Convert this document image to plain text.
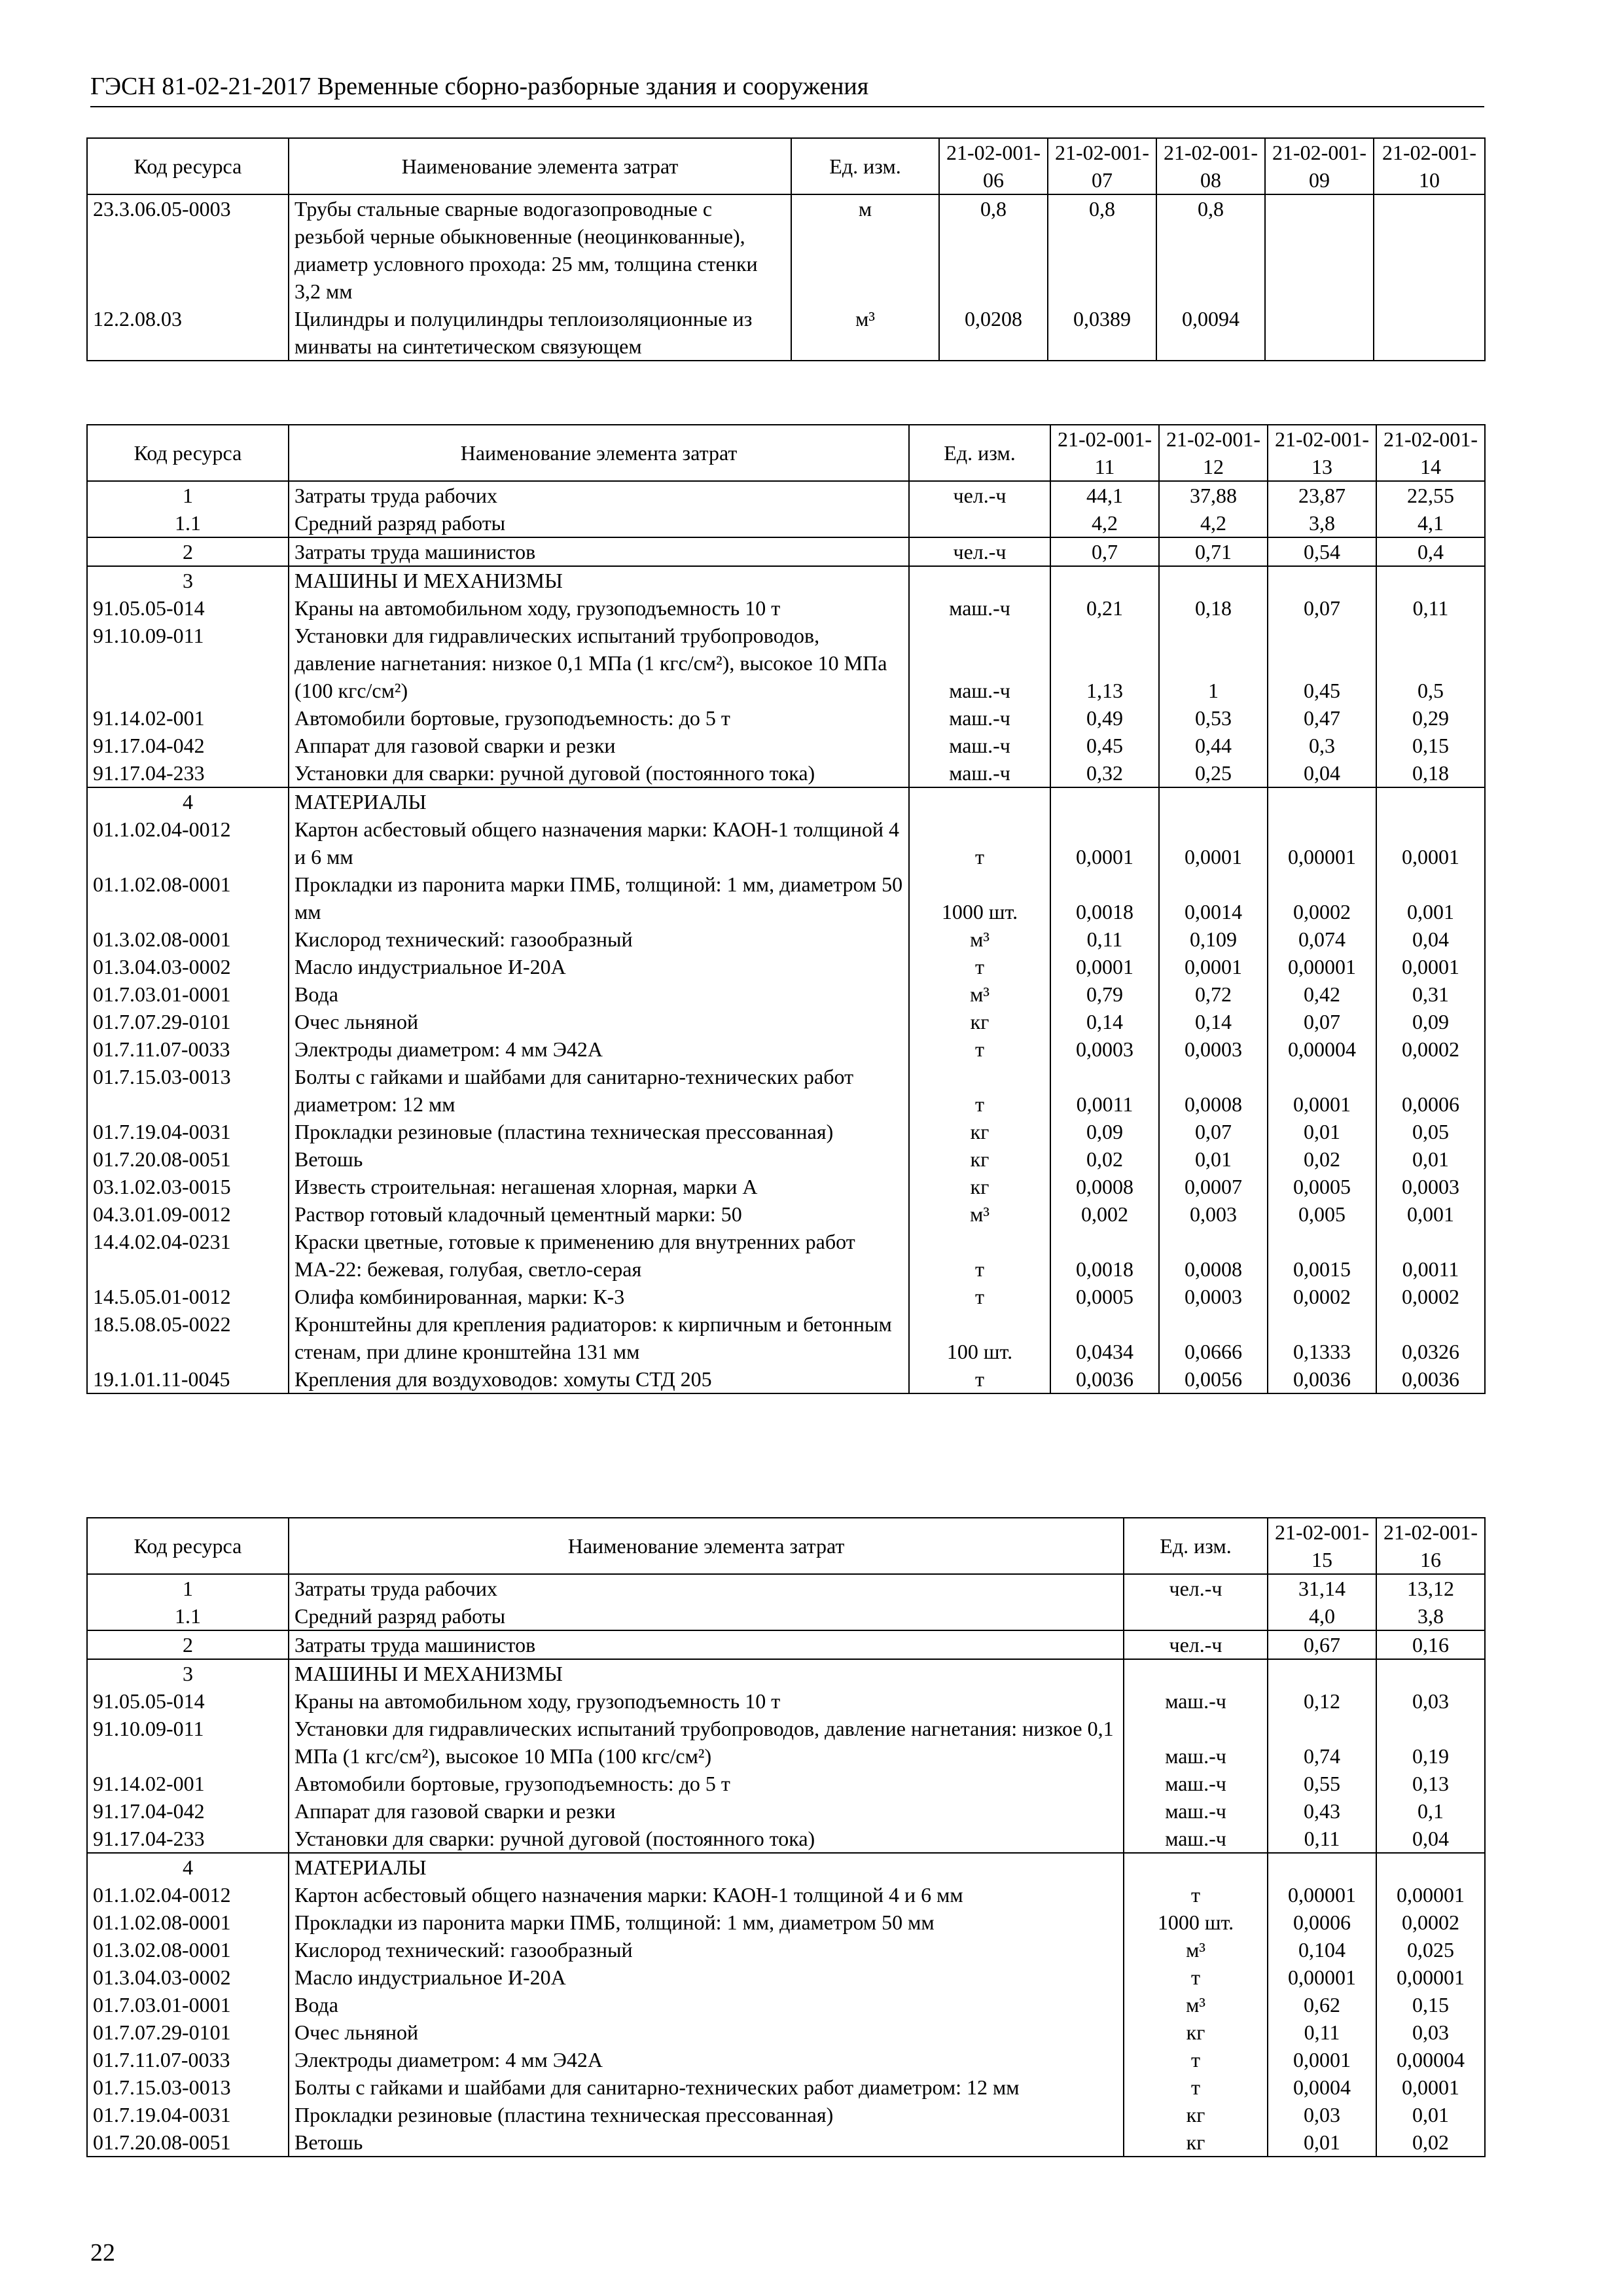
ГЭСН 81-02-21-2017 Временные сборно-разборные здания и сооружения
Код ресурса	Наименование элемента затрат	Ед. изм.	21-02-001-06	21-02-001-07	21-02-001-08	21-02-001-09	21-02-001-10
23.3.06.05-0003	Трубы стальные сварные водогазопроводные с резьбой черные обыкновенные (неоцинкованные), диаметр условного прохода: 25 мм, толщина стенки 3,2 мм	м	0,8	0,8	0,8		
12.2.08.03	Цилиндры и полуцилиндры теплоизоляционные из минваты на синтетическом связующем	м³	0,0208	0,0389	0,0094		
Код ресурса	Наименование элемента затрат	Ед. изм.	21-02-001-11	21-02-001-12	21-02-001-13	21-02-001-14
1	Затраты труда рабочих	чел.-ч	44,1	37,88	23,87	22,55
1.1	Средний разряд работы		4,2	4,2	3,8	4,1
2	Затраты труда машинистов	чел.-ч	0,7	0,71	0,54	0,4
3	МАШИНЫ И МЕХАНИЗМЫ					
91.05.05-014	Краны на автомобильном ходу, грузоподъемность 10 т	маш.-ч	0,21	0,18	0,07	0,11
91.10.09-011	Установки для гидравлических испытаний трубопроводов, давление нагнетания: низкое 0,1 МПа (1 кгс/см²), высокое 10 МПа (100 кгс/см²)	маш.-ч	1,13	1	0,45	0,5
91.14.02-001	Автомобили бортовые, грузоподъемность: до 5 т	маш.-ч	0,49	0,53	0,47	0,29
91.17.04-042	Аппарат для газовой сварки и резки	маш.-ч	0,45	0,44	0,3	0,15
91.17.04-233	Установки для сварки: ручной дуговой (постоянного тока)	маш.-ч	0,32	0,25	0,04	0,18
4	МАТЕРИАЛЫ					
01.1.02.04-0012	Картон асбестовый общего назначения марки: КАОН-1 толщиной 4 и 6 мм	т	0,0001	0,0001	0,00001	0,0001
01.1.02.08-0001	Прокладки из паронита марки ПМБ, толщиной: 1 мм, диаметром 50 мм	1000 шт.	0,0018	0,0014	0,0002	0,001
01.3.02.08-0001	Кислород технический: газообразный	м³	0,11	0,109	0,074	0,04
01.3.04.03-0002	Масло индустриальное И-20А	т	0,0001	0,0001	0,00001	0,0001
01.7.03.01-0001	Вода	м³	0,79	0,72	0,42	0,31
01.7.07.29-0101	Очес льняной	кг	0,14	0,14	0,07	0,09
01.7.11.07-0033	Электроды диаметром: 4 мм Э42А	т	0,0003	0,0003	0,00004	0,0002
01.7.15.03-0013	Болты с гайками и шайбами для санитарно-технических работ диаметром: 12 мм	т	0,0011	0,0008	0,0001	0,0006
01.7.19.04-0031	Прокладки резиновые (пластина техническая прессованная)	кг	0,09	0,07	0,01	0,05
01.7.20.08-0051	Ветошь	кг	0,02	0,01	0,02	0,01
03.1.02.03-0015	Известь строительная: негашеная хлорная, марки А	кг	0,0008	0,0007	0,0005	0,0003
04.3.01.09-0012	Раствор готовый кладочный цементный марки: 50	м³	0,002	0,003	0,005	0,001
14.4.02.04-0231	Краски цветные, готовые к применению для внутренних работ МА-22: бежевая, голубая, светло-серая	т	0,0018	0,0008	0,0015	0,0011
14.5.05.01-0012	Олифа комбинированная, марки: К-3	т	0,0005	0,0003	0,0002	0,0002
18.5.08.05-0022	Кронштейны для крепления радиаторов: к кирпичным и бетонным стенам, при длине кронштейна 131 мм	100 шт.	0,0434	0,0666	0,1333	0,0326
19.1.01.11-0045	Крепления для воздуховодов: хомуты СТД 205	т	0,0036	0,0056	0,0036	0,0036
Код ресурса	Наименование элемента затрат	Ед. изм.	21-02-001-15	21-02-001-16
1	Затраты труда рабочих	чел.-ч	31,14	13,12
1.1	Средний разряд работы		4,0	3,8
2	Затраты труда машинистов	чел.-ч	0,67	0,16
3	МАШИНЫ И МЕХАНИЗМЫ			
91.05.05-014	Краны на автомобильном ходу, грузоподъемность 10 т	маш.-ч	0,12	0,03
91.10.09-011	Установки для гидравлических испытаний трубопроводов, давление нагнетания: низкое 0,1 МПа (1 кгс/см²), высокое 10 МПа (100 кгс/см²)	маш.-ч	0,74	0,19
91.14.02-001	Автомобили бортовые, грузоподъемность: до 5 т	маш.-ч	0,55	0,13
91.17.04-042	Аппарат для газовой сварки и резки	маш.-ч	0,43	0,1
91.17.04-233	Установки для сварки: ручной дуговой (постоянного тока)	маш.-ч	0,11	0,04
4	МАТЕРИАЛЫ			
01.1.02.04-0012	Картон асбестовый общего назначения марки: КАОН-1 толщиной 4 и 6 мм	т	0,00001	0,00001
01.1.02.08-0001	Прокладки из паронита марки ПМБ, толщиной: 1 мм, диаметром 50 мм	1000 шт.	0,0006	0,0002
01.3.02.08-0001	Кислород технический: газообразный	м³	0,104	0,025
01.3.04.03-0002	Масло индустриальное И-20А	т	0,00001	0,00001
01.7.03.01-0001	Вода	м³	0,62	0,15
01.7.07.29-0101	Очес льняной	кг	0,11	0,03
01.7.11.07-0033	Электроды диаметром: 4 мм Э42А	т	0,0001	0,00004
01.7.15.03-0013	Болты с гайками и шайбами для санитарно-технических работ диаметром: 12 мм	т	0,0004	0,0001
01.7.19.04-0031	Прокладки резиновые (пластина техническая прессованная)	кг	0,03	0,01
01.7.20.08-0051	Ветошь	кг	0,01	0,02
22
